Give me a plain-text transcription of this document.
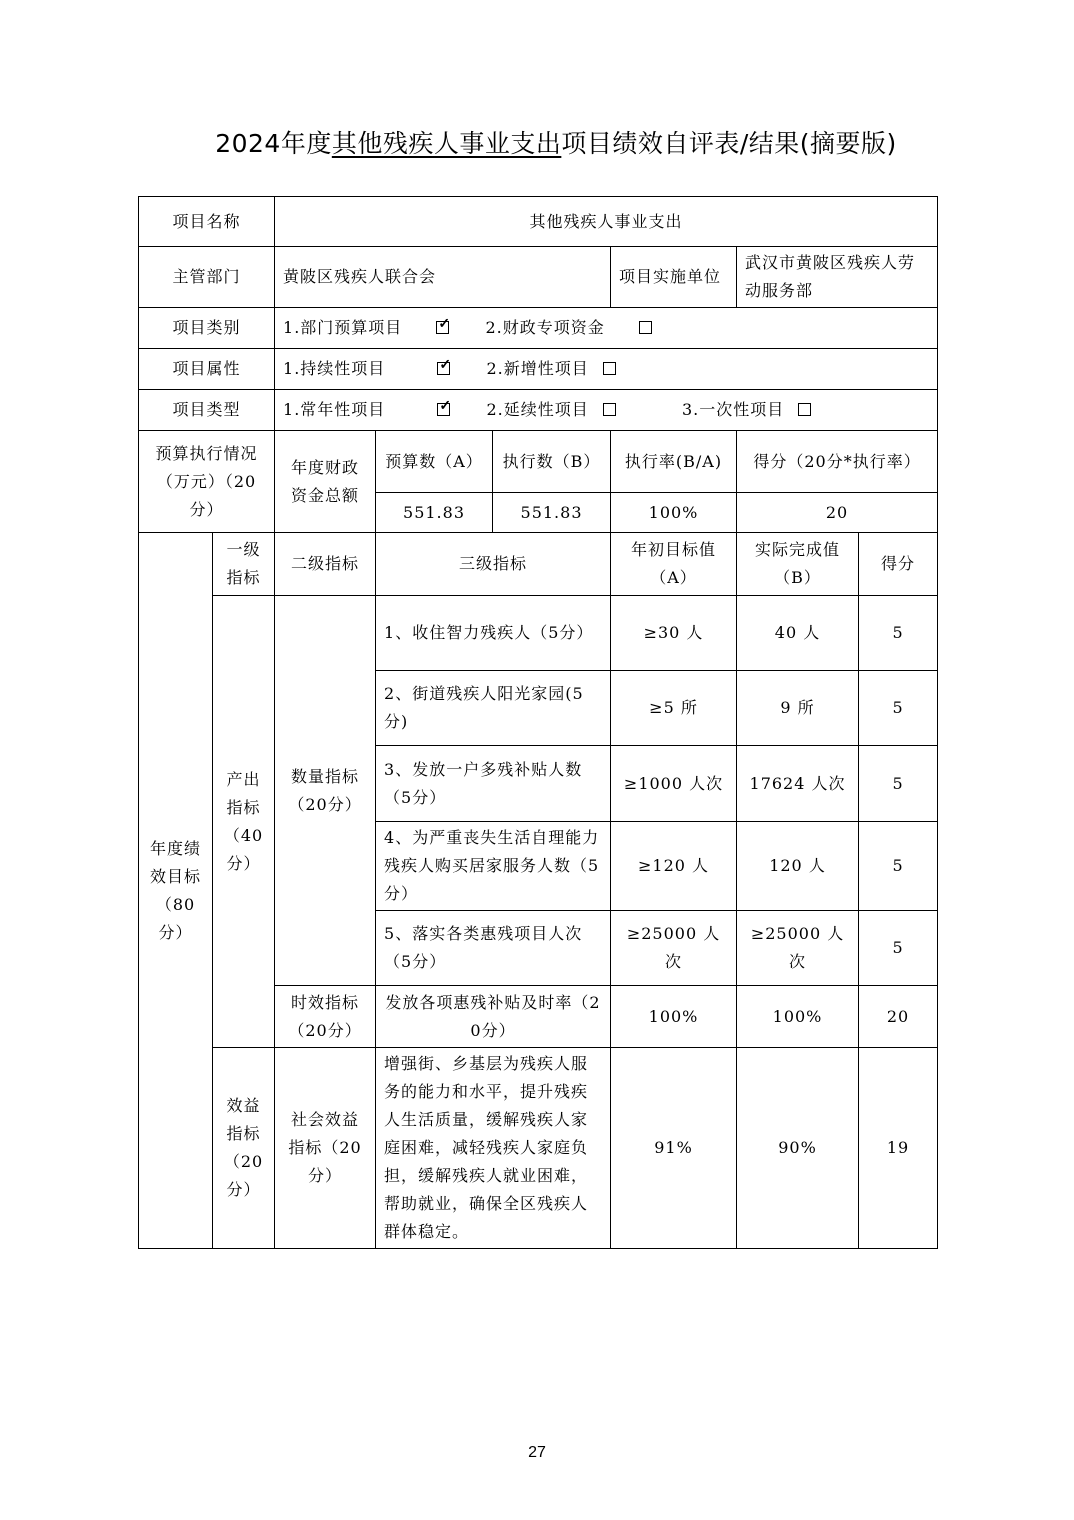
2024年度其他残疾人事业支出项目绩效自评表/结果(摘要版)
项目名称		其他残疾人事业支出					
主管部门		黄陂区残疾人联合会			项目实施单位	武汉市黄陂区残疾人劳动服务部	
项目类别		1.部门预算项目 ✓ 2.财政专项资金
项目属性		1.持续性项目 ✓ 2.新增性项目
项目类型		1.常年性项目 ✓ 2.延续性项目 3.一次性项目
预算执行情况（万元）（20分）		年度财政资金总额	预算数（A）	执行数（B）	执行率(B/A)	得分（20分*执行率）	
			551.83	551.83	100%	20	
年度绩效目标（80分）	一级指标	二级指标	三级指标		年初目标值（A）	实际完成值（B）	得分
	产出指标（40分）	数量指标（20分）	1、收住智力残疾人（5分）		≥30 人	40 人	5
			2、街道残疾人阳光家园(5分)		≥5 所	9 所	5
			3、发放一户多残补贴人数（5分）		≥1000 人次	17624 人次	5
			4、为严重丧失生活自理能力残疾人购买居家服务人数（5分）		≥120 人	120 人	5
			5、落实各类惠残项目人次（5分）		≥25000 人次	≥25000 人次	5
		时效指标（20分）	发放各项惠残补贴及时率（20分）		100%	100%	20
	效益指标（20分）	社会效益指标（20分）	增强街、乡基层为残疾人服务的能力和水平，提升残疾人生活质量，缓解残疾人家庭困难，减轻残疾人家庭负担，缓解残疾人就业困难，帮助就业，确保全区残疾人群体稳定。		91%	90%	19
27
